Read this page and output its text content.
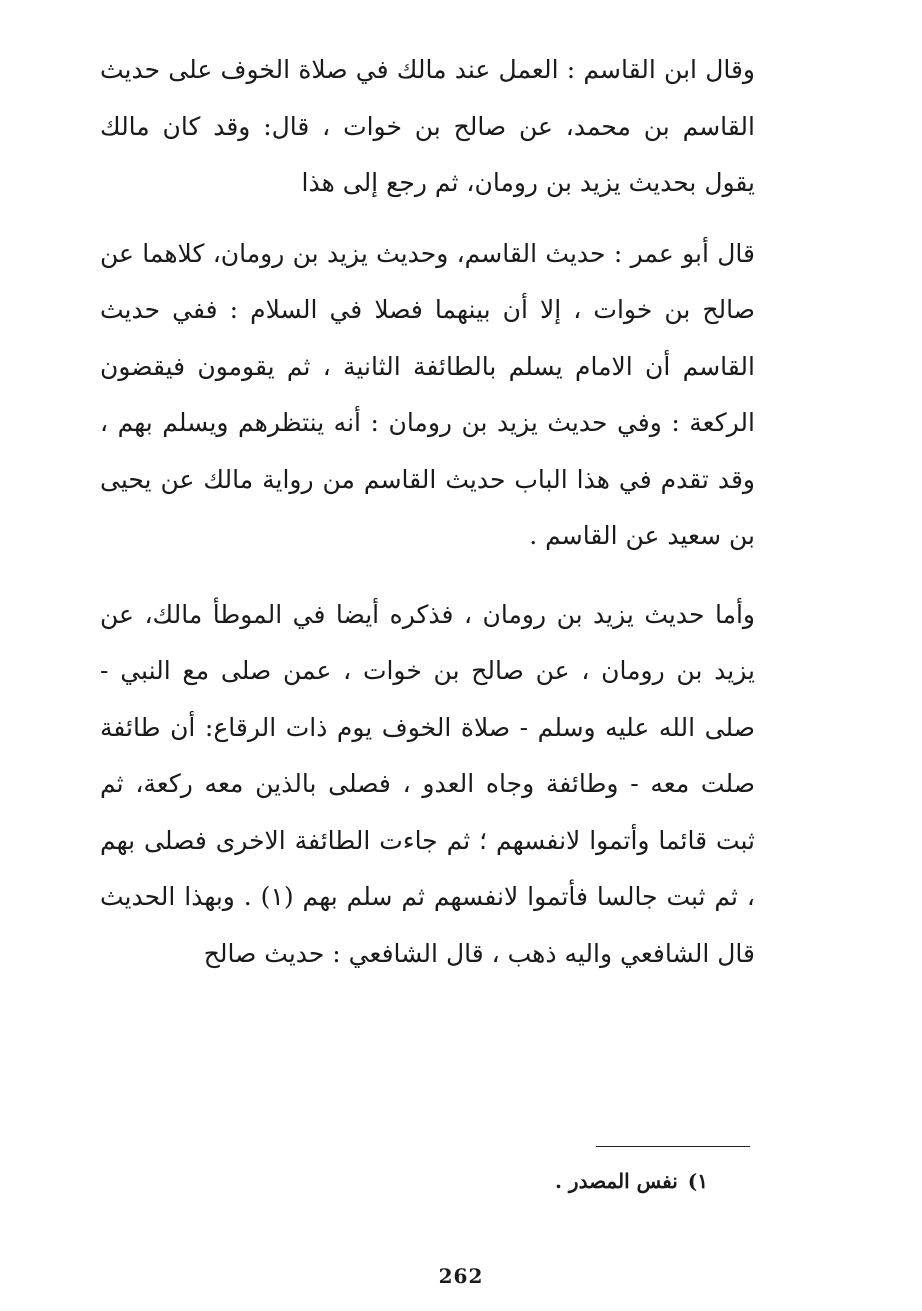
وقال ابن القاسم : العمل عند مالك في صلاة الخوف على حديث القاسم بن محمد، عن صالح بن خوات ، قال: وقد كان مالك يقول بحديث يزيد بن رومان، ثم رجع إلى هذا

قال أبو عمر : حديث القاسم، وحديث يزيد بن رومان، كلاهما عن صالح بن خوات ، إلا أن بينهما فصلا في السلام : ففي حديث القاسم أن الامام يسلم بالطائفة الثانية ، ثم يقومون فيقضون الركعة : وفي حديث يزيد بن رومان : أنه ينتظرهم ويسلم بهم ، وقد تقدم في هذا الباب حديث القاسم من رواية مالك عن يحيى بن سعيد عن القاسم .

وأما حديث يزيد بن رومان ، فذكره أيضا في الموطأ مالك، عن يزيد بن رومان ، عن صالح بن خوات ، عمن صلى مع النبي - صلى الله عليه وسلم - صلاة الخوف يوم ذات الرقاع: أن طائفة صلت معه - وطائفة وجاه العدو ، فصلى بالذين معه ركعة، ثم ثبت قائما وأتموا لانفسهم ؛ ثم جاءت الطائفة الاخرى فصلى بهم ، ثم ثبت جالسا فأتموا لانفسهم ثم سلم بهم (١) . وبهذا الحديث قال الشافعي واليه ذهب ، قال الشافعي : حديث صالح

١)نفس المصدر .
262
